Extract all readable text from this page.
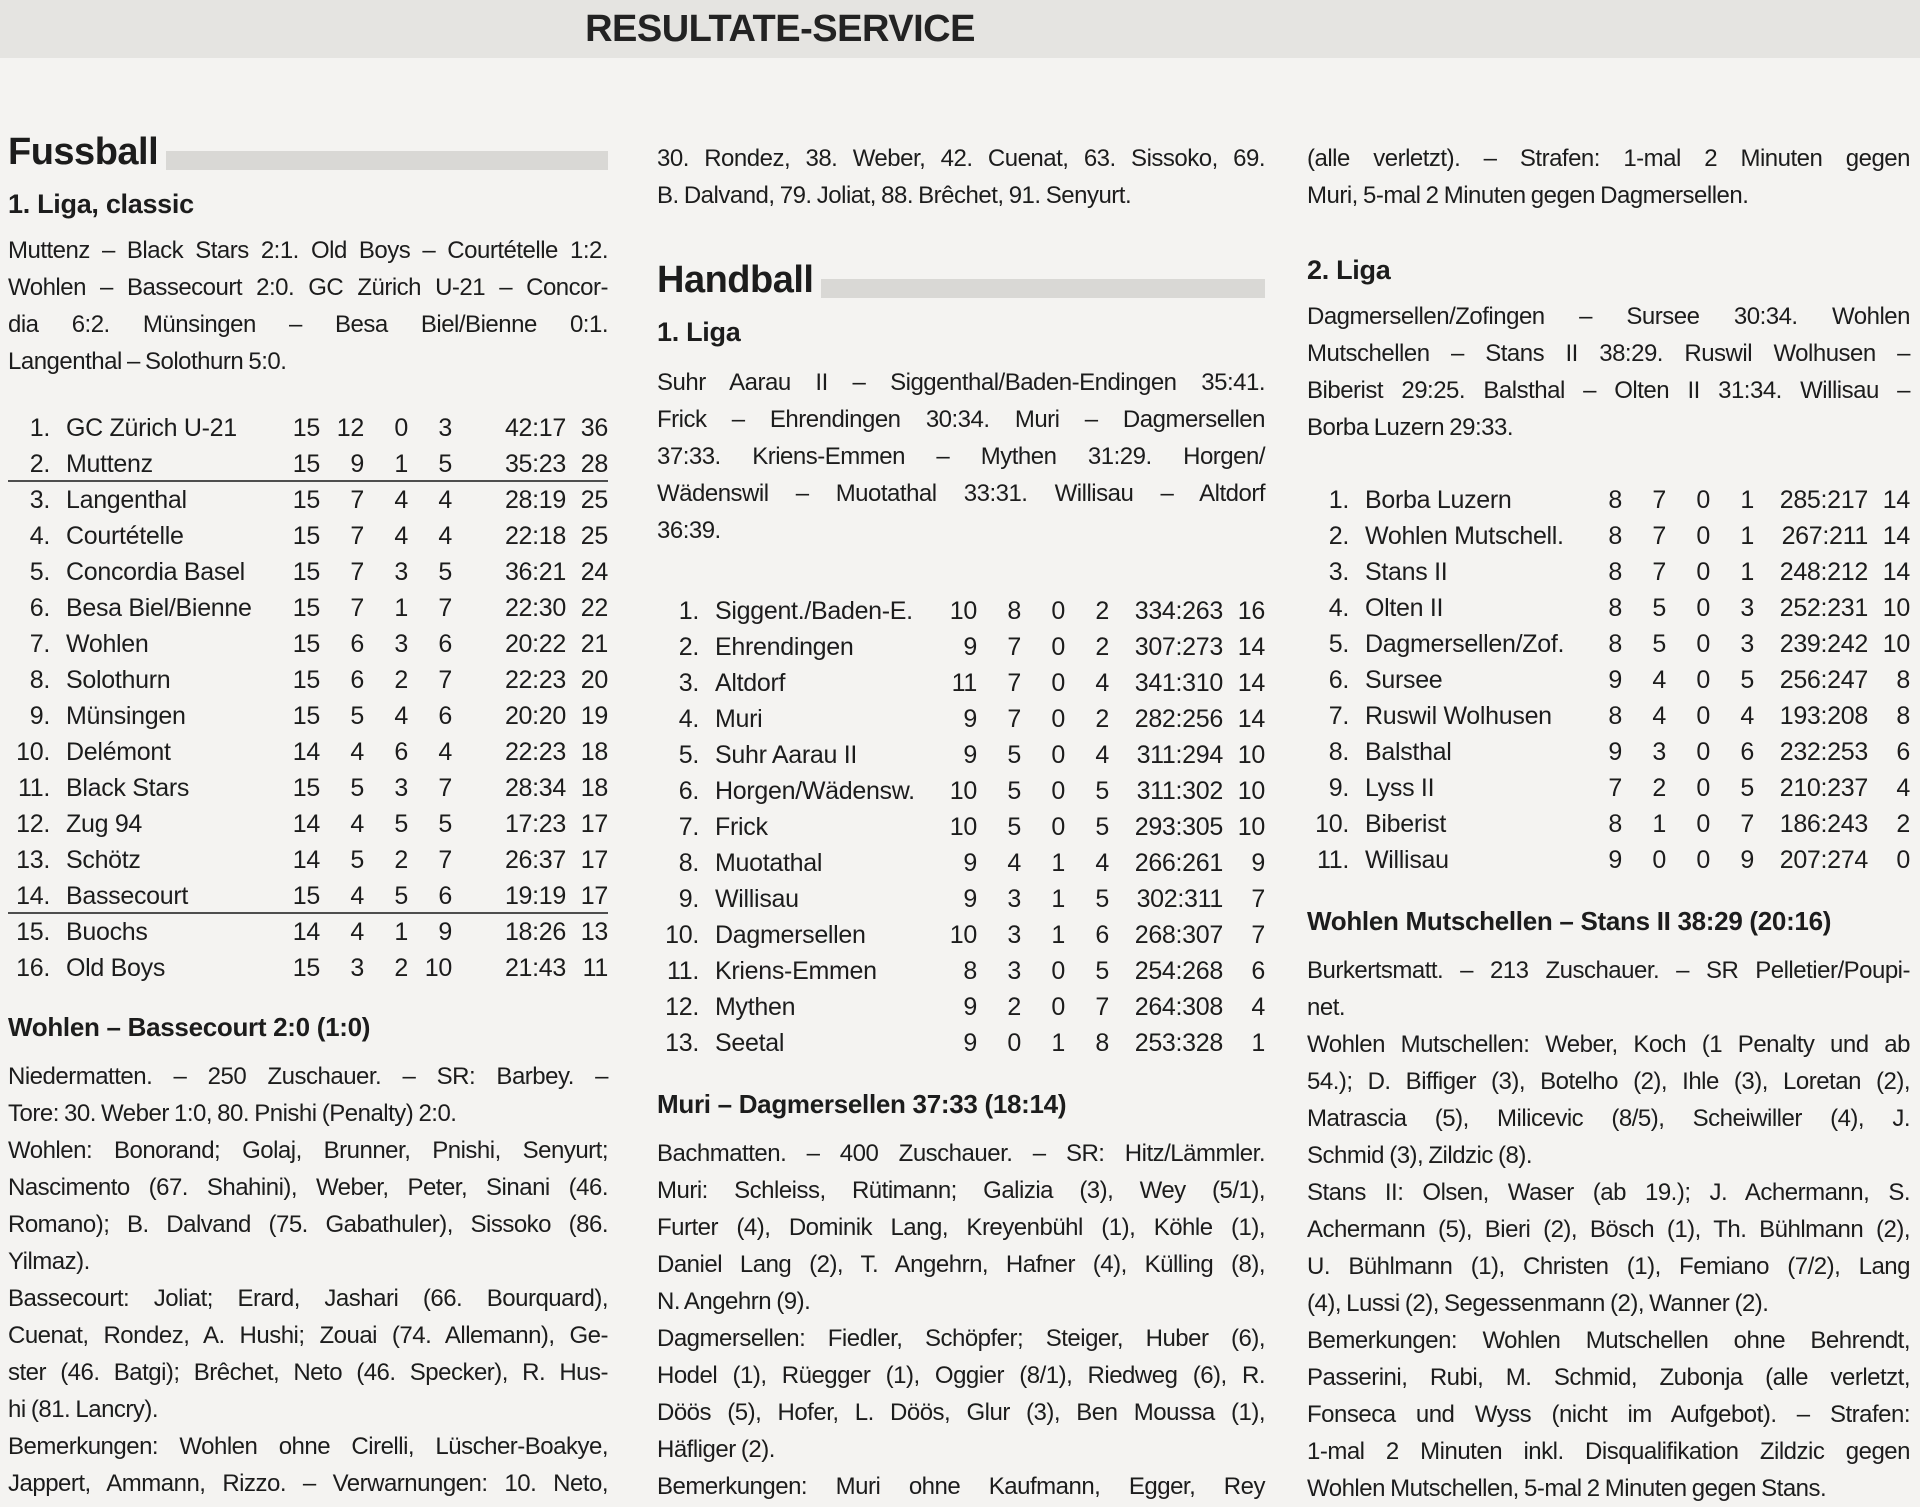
RESULTATE-SERVICE
Fussball
1. Liga, classic
Muttenz – Black Stars 2:1. Old Boys – Courtételle 1:2.
Wohlen – Bassecourt 2:0. GC Zürich U-21 – Concor-
dia 6:2. Münsingen – Besa Biel/Bienne 0:1.
Langenthal – Solothurn 5:0.
1. GC Zürich U-21	15 12	0	3	42:17 36
2. Muttenz	15	9	1	5	35:23 28
3. Langenthal	15	7	4	4	28:19 25
4. Courtételle	15	7	4	4	22:18 25
5. Concordia Basel	15	7	3	5	36:21 24
6. Besa Biel/Bienne	15	7	1	7	22:30 22
7. Wohlen	15	6	3	6	20:22 21
8. Solothurn	15	6	2	7	22:23 20
9. Münsingen	15	5	4	6	20:20 19
10. Delémont	14	4	6	4	22:23 18
11. Black Stars	15	5	3	7	28:34 18
12. Zug 94	14	4	5	5	17:23 17
13. Schötz	14	5	2	7	26:37 17
14. Bassecourt	15	4	5	6	19:19 17
15. Buochs	14	4	1	9	18:26 13
16. Old Boys	15	3	2 10	21:43 11
Wohlen – Bassecourt 2:0 (1:0)
Niedermatten. – 250 Zuschauer. – SR: Barbey. –
Tore: 30. Weber 1:0, 80. Pnishi (Penalty) 2:0.
Wohlen: Bonorand; Golaj, Brunner, Pnishi, Senyurt;
Nascimento (67. Shahini), Weber, Peter, Sinani (46.
Romano); B. Dalvand (75. Gabathuler), Sissoko (86.
Yilmaz).
Bassecourt: Joliat; Erard, Jashari (66. Bourquard),
Cuenat, Rondez, A. Hushi; Zouai (74. Allemann), Ge-
ster (46. Batgi); Brêchet, Neto (46. Specker), R. Hus-
hi (81. Lancry).
Bemerkungen: Wohlen ohne Cirelli, Lüscher-Boakye,
Jappert, Ammann, Rizzo. – Verwarnungen: 10. Neto,
30. Rondez, 38. Weber, 42. Cuenat, 63. Sissoko, 69.
B. Dalvand, 79. Joliat, 88. Brêchet, 91. Senyurt.
Handball
1. Liga
Suhr Aarau II – Siggenthal/Baden-Endingen 35:41.
Frick – Ehrendingen 30:34. Muri – Dagmersellen
37:33. Kriens-Emmen – Mythen 31:29. Horgen/
Wädenswil – Muotathal 33:31. Willisau – Altdorf
36:39.
1. Siggent./Baden-E.	10	8	0	2	334:263 16
2. Ehrendingen	9	7	0	2	307:273 14
3. Altdorf	11	7	0	4	341:310 14
4. Muri	9	7	0	2	282:256 14
5. Suhr Aarau II	9	5	0	4	311:294 10
6. Horgen/Wädensw.	10	5	0	5	311:302 10
7. Frick	10	5	0	5	293:305 10
8. Muotathal	9	4	1	4	266:261	9
9. Willisau	9	3	1	5	302:311	7
10. Dagmersellen	10	3	1	6	268:307	7
11. Kriens-Emmen	8	3	0	5	254:268	6
12. Mythen	9	2	0	7	264:308	4
13. Seetal	9	0	1	8	253:328	1
Muri – Dagmersellen 37:33 (18:14)
Bachmatten. – 400 Zuschauer. – SR: Hitz/Lämmler.
Muri: Schleiss, Rütimann; Galizia (3), Wey (5/1),
Furter (4), Dominik Lang, Kreyenbühl (1), Köhle (1),
Daniel Lang (2), T. Angehrn, Hafner (4), Külling (8),
N. Angehrn (9).
Dagmersellen: Fiedler, Schöpfer; Steiger, Huber (6),
Hodel (1), Rüegger (1), Oggier (8/1), Riedweg (6), R.
Döös (5), Hofer, L. Döös, Glur (3), Ben Moussa (1),
Häfliger (2).
Bemerkungen: Muri ohne Kaufmann, Egger, Rey
(alle verletzt). – Strafen: 1-mal 2 Minuten gegen
Muri, 5-mal 2 Minuten gegen Dagmersellen.
2. Liga
Dagmersellen/Zofingen – Sursee 30:34. Wohlen
Mutschellen – Stans II 38:29. Ruswil Wolhusen –
Biberist 29:25. Balsthal – Olten II 31:34. Willisau –
Borba Luzern 29:33.
1. Borba Luzern	8	7	0	1	285:217 14
2. Wohlen Mutschell.	8	7	0	1	267:211 14
3. Stans II	8	7	0	1	248:212 14
4. Olten II	8	5	0	3	252:231 10
5. Dagmersellen/Zof.	8	5	0	3	239:242 10
6. Sursee	9	4	0	5	256:247	8
7. Ruswil Wolhusen	8	4	0	4	193:208	8
8. Balsthal	9	3	0	6	232:253	6
9. Lyss II	7	2	0	5	210:237	4
10. Biberist	8	1	0	7	186:243	2
11. Willisau	9	0	0	9	207:274	0
Wohlen Mutschellen – Stans II 38:29 (20:16)
Burkertsmatt. – 213 Zuschauer. – SR Pelletier/Poupi-
net.
Wohlen Mutschellen: Weber, Koch (1 Penalty und ab
54.); D. Biffiger (3), Botelho (2), Ihle (3), Loretan (2),
Matrascia (5), Milicevic (8/5), Scheiwiller (4), J.
Schmid (3), Zildzic (8).
Stans II: Olsen, Waser (ab 19.); J. Achermann, S.
Achermann (5), Bieri (2), Bösch (1), Th. Bühlmann (2),
U. Bühlmann (1), Christen (1), Femiano (7/2), Lang
(4), Lussi (2), Segessenmann (2), Wanner (2).
Bemerkungen: Wohlen Mutschellen ohne Behrendt,
Passerini, Rubi, M. Schmid, Zubonja (alle verletzt,
Fonseca und Wyss (nicht im Aufgebot). – Strafen:
1-mal 2 Minuten inkl. Disqualifikation Zildzic gegen
Wohlen Mutschellen, 5-mal 2 Minuten gegen Stans.
